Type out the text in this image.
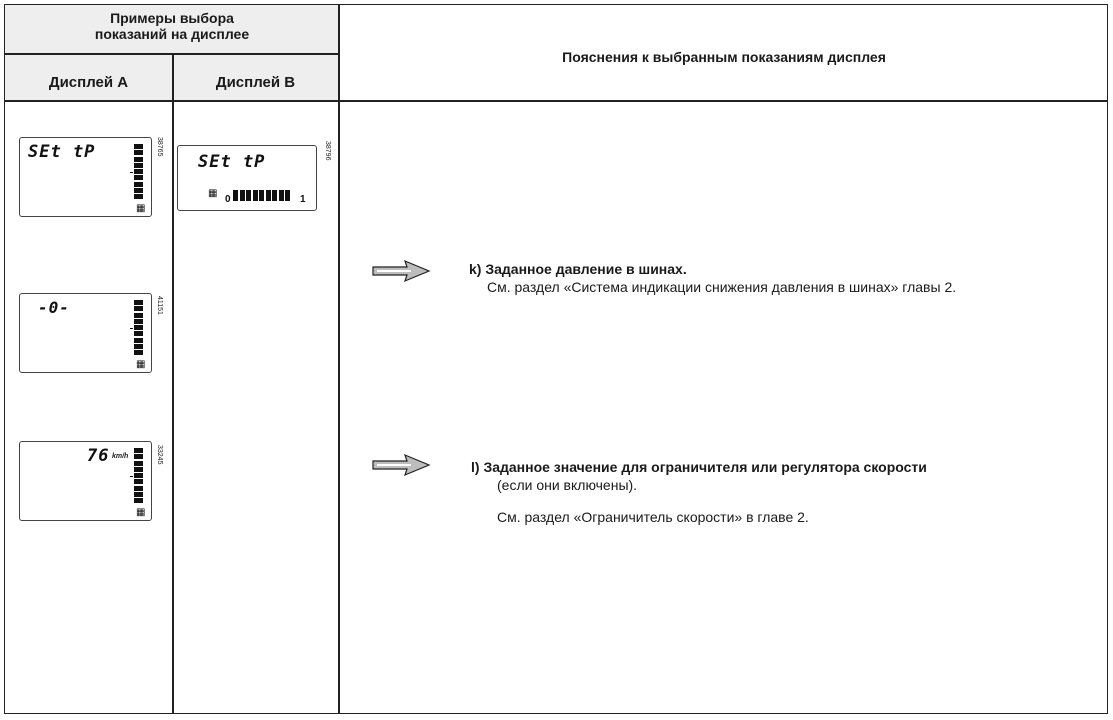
Примеры выбора показаний на дисплее
Дисплей A	Дисплей B
Пояснения к выбранным показаниям дисплея
SEt tP
▦
38765
-0-
▦
41151
76 km/h
▦
33245
SEt tP
▦
0	1
38796
k) Заданное давление в шинах.
См. раздел «Система индикации снижения давления в шинах» главы 2.
l) Заданное значение для ограничителя или регулятора скорости
(если они включены).
См. раздел «Ограничитель скорости» в главе 2.
